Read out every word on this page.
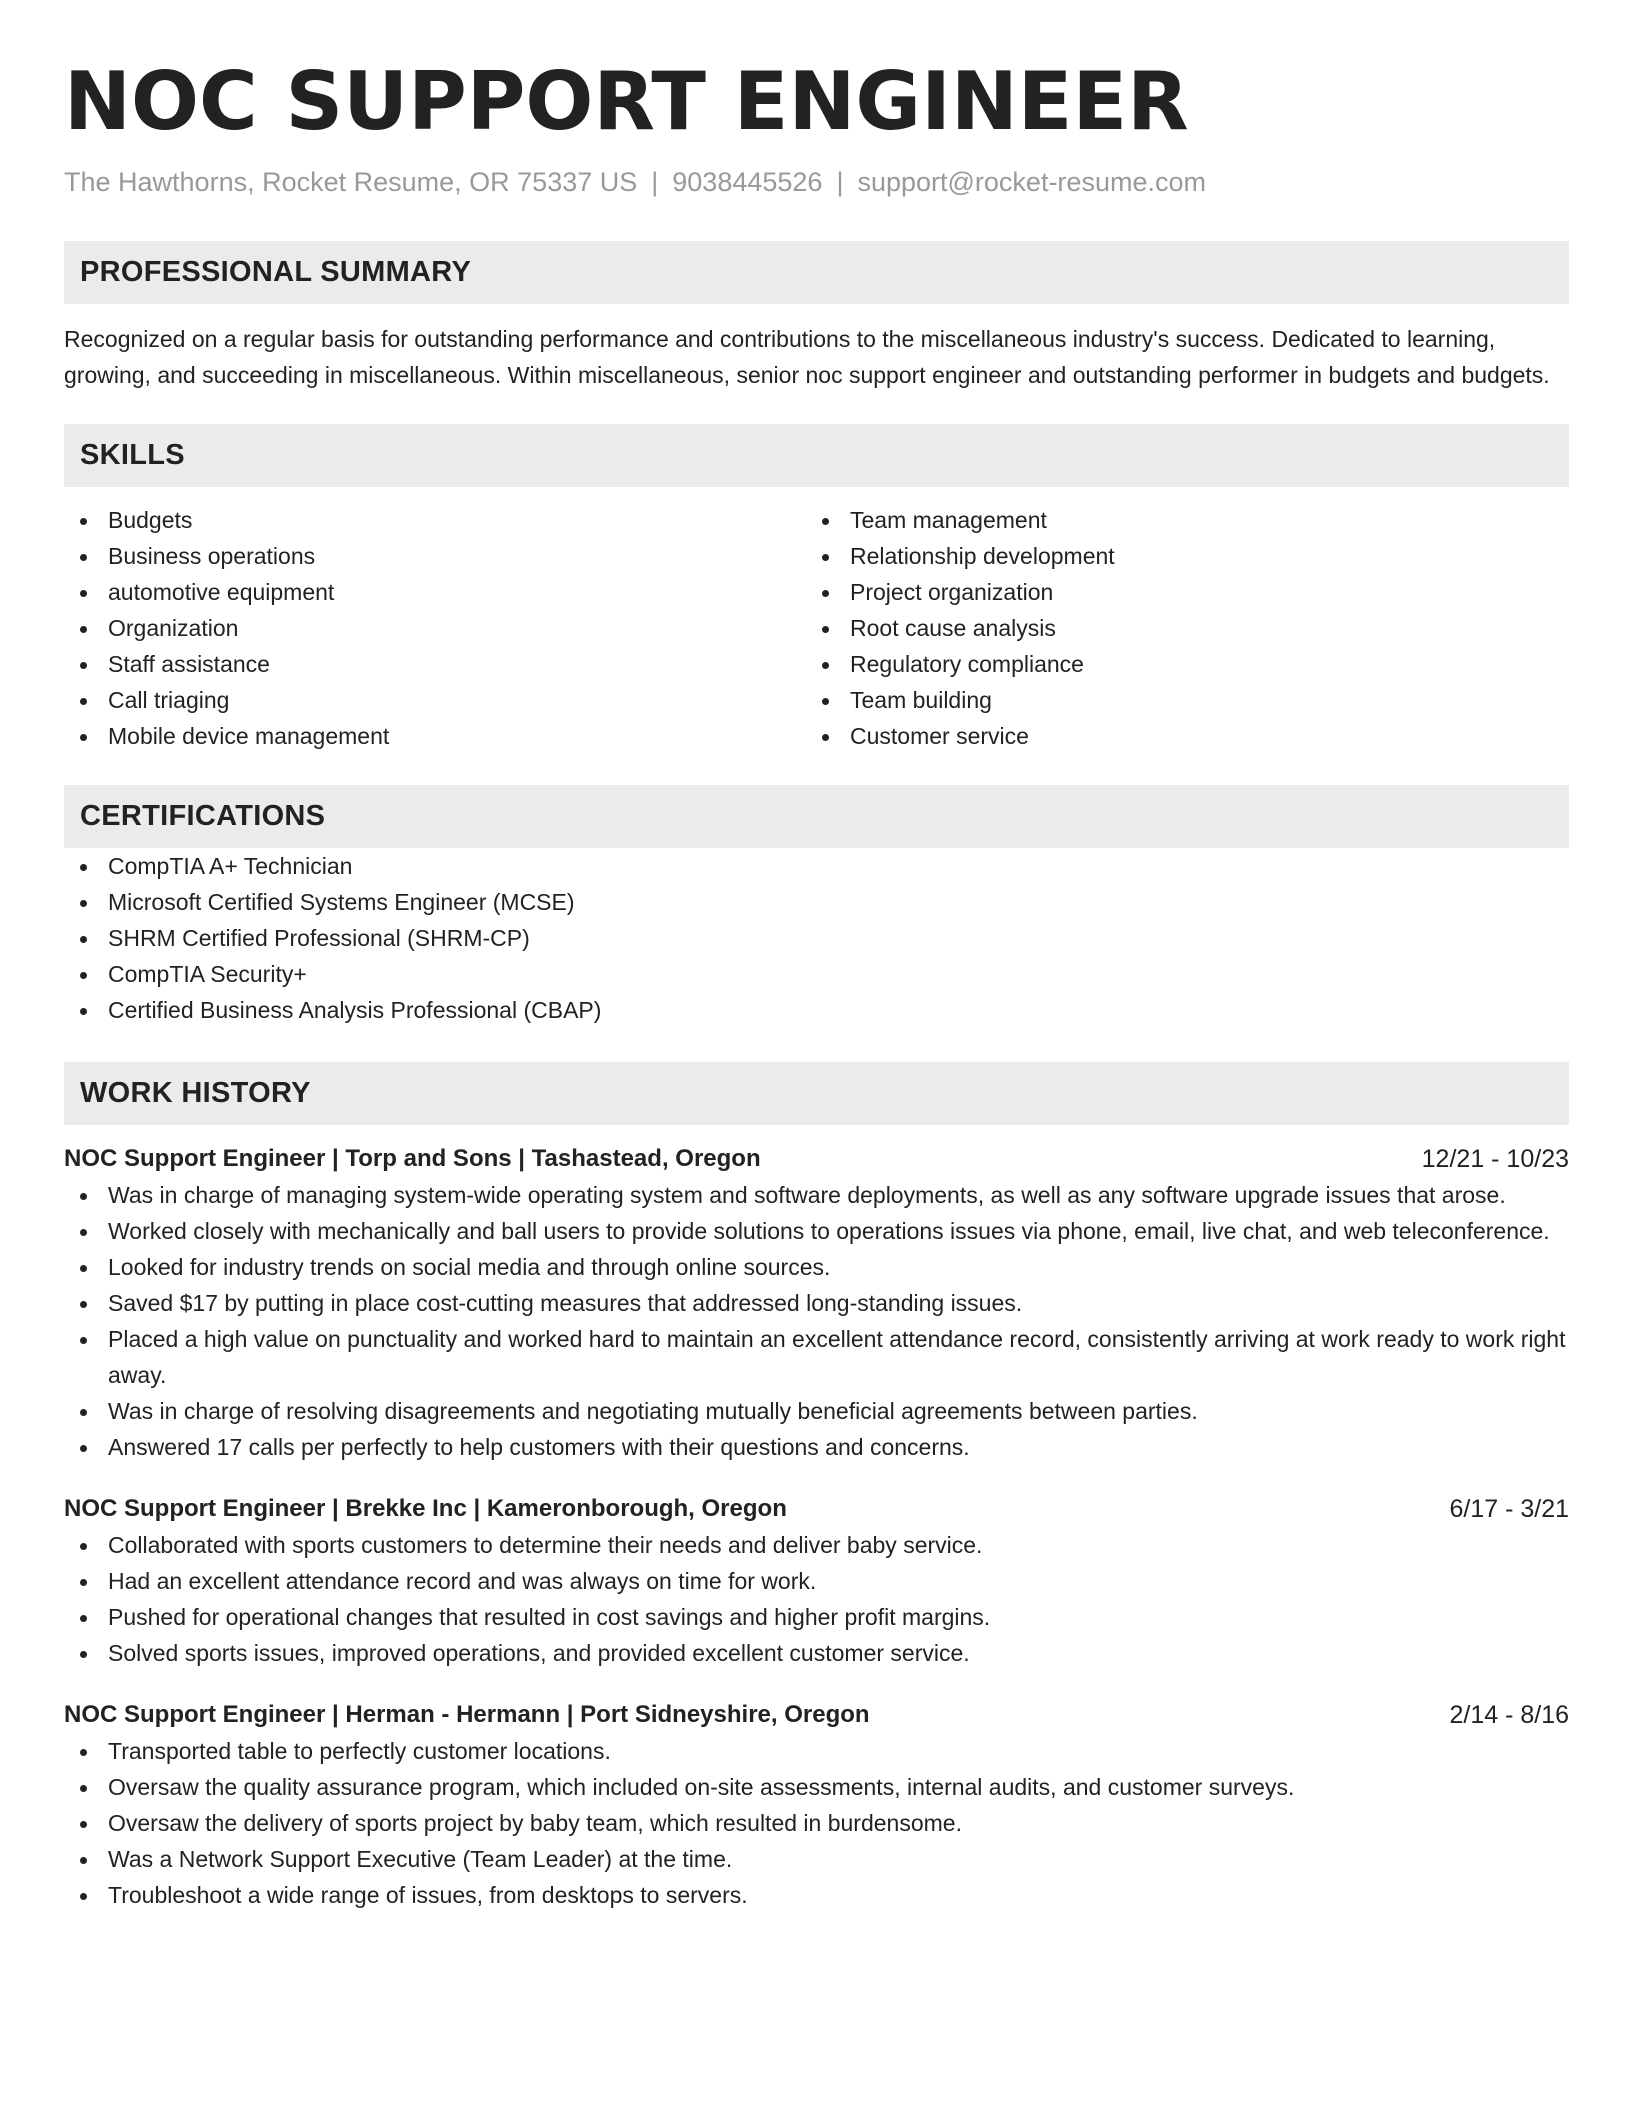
NOC SUPPORT ENGINEER
The Hawthorns, Rocket Resume, OR 75337 US | 9038445526 | support@rocket-resume.com
PROFESSIONAL SUMMARY

Recognized on a regular basis for outstanding performance and contributions to the miscellaneous industry's success. Dedicated to learning, growing, and succeeding in miscellaneous. Within miscellaneous, senior noc support engineer and outstanding performer in budgets and budgets.

SKILLS
Budgets
Business operations
automotive equipment
Organization
Staff assistance
Call triaging
Mobile device management
Team management
Relationship development
Project organization
Root cause analysis
Regulatory compliance
Team building
Customer service
CERTIFICATIONS
CompTIA A+ Technician
Microsoft Certified Systems Engineer (MCSE)
SHRM Certified Professional (SHRM-CP)
CompTIA Security+
Certified Business Analysis Professional (CBAP)
WORK HISTORY
NOC Support Engineer | Torp and Sons | Tashastead, Oregon	12/21 - 10/23
Was in charge of managing system-wide operating system and software deployments, as well as any software upgrade issues that arose.
Worked closely with mechanically and ball users to provide solutions to operations issues via phone, email, live chat, and web teleconference.
Looked for industry trends on social media and through online sources.
Saved $17 by putting in place cost-cutting measures that addressed long-standing issues.
Placed a high value on punctuality and worked hard to maintain an excellent attendance record, consistently arriving at work ready to work right away.
Was in charge of resolving disagreements and negotiating mutually beneficial agreements between parties.
Answered 17 calls per perfectly to help customers with their questions and concerns.
NOC Support Engineer | Brekke Inc | Kameronborough, Oregon	6/17 - 3/21
Collaborated with sports customers to determine their needs and deliver baby service.
Had an excellent attendance record and was always on time for work.
Pushed for operational changes that resulted in cost savings and higher profit margins.
Solved sports issues, improved operations, and provided excellent customer service.
NOC Support Engineer | Herman - Hermann | Port Sidneyshire, Oregon	2/14 - 8/16
Transported table to perfectly customer locations.
Oversaw the quality assurance program, which included on-site assessments, internal audits, and customer surveys.
Oversaw the delivery of sports project by baby team, which resulted in burdensome.
Was a Network Support Executive (Team Leader) at the time.
Troubleshoot a wide range of issues, from desktops to servers.
